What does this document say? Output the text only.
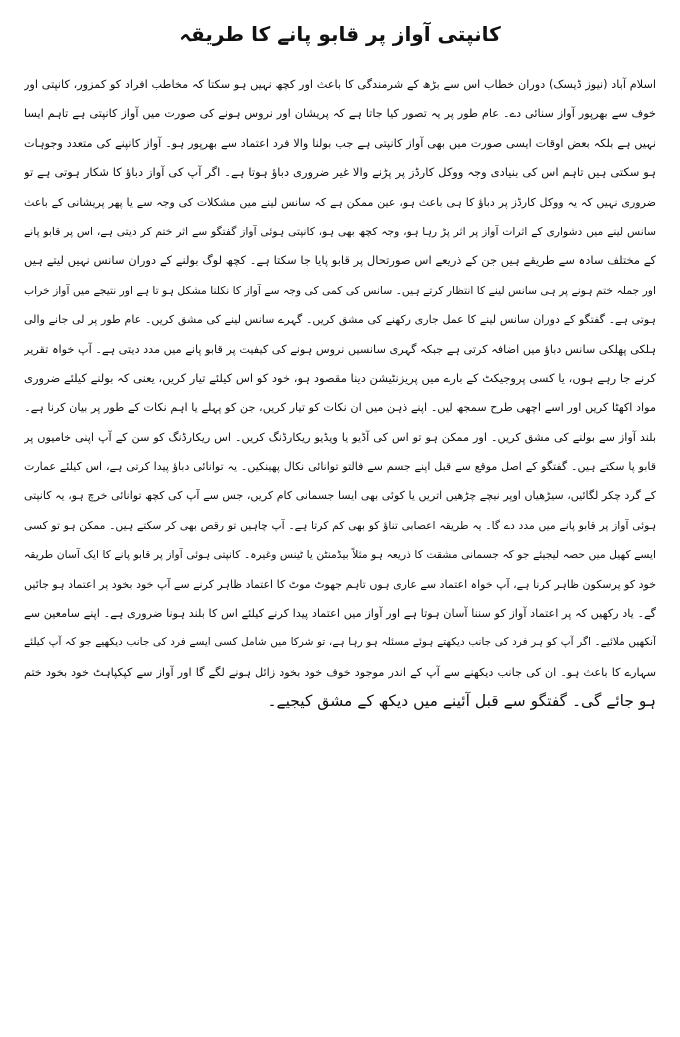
کانپتی آواز پر قابو پانے کا طریقہ
اسلام آباد (نیوز ڈیسک) دوران خطاب اس سے بڑھ کے شرمندگی کا باعث اور کچھ نہیں ہو سکتا کہ مخاطب افراد کو کمزور، کانپتی اور
خوف سے بھرپور آواز سنائی دے۔ عام طور پر یہ تصور کیا جاتا ہے کہ پریشان اور نروس ہونے کی صورت میں آواز کانپتی ہے تاہم ایسا
نہیں ہے بلکہ بعض اوقات ایسی صورت میں بھی آواز کانپتی ہے جب بولنا والا فرد اعتماد سے بھرپور ہو۔ آواز کانپنے کی متعدد وجوہات
ہو سکتی ہیں تاہم اس کی بنیادی وجہ ووکل کارڈز پر پڑنے والا غیر ضروری دباؤ ہوتا ہے۔ اگر آپ کی آواز دباؤ کا شکار ہوتی ہے تو
ضروری نہیں کہ یہ ووکل کارڈز پر دباؤ کا ہی باعث ہو، عین ممکن ہے کہ سانس لینے میں مشکلات کی وجہ سے یا پھر پریشانی کے باعث
سانس لینے میں دشواری کے اثرات آواز پر اثر پڑ رہا ہو، وجہ کچھ بھی ہو، کانپتی ہوئی آواز گفتگو سے اثر ختم کر دیتی ہے، اس پر قابو پانے
کے مختلف سادہ سے طریقے ہیں جن کے ذریعے اس صورتحال پر قابو پایا جا سکتا ہے۔ کچھ لوگ بولنے کے دوران سانس نہیں لیتے ہیں
اور جملہ ختم ہونے پر ہی سانس لینے کا انتظار کرتے ہیں۔ سانس کی کمی کی وجہ سے آواز کا نکلنا مشکل ہو تا ہے اور نتیجے میں آواز خراب
ہوتی ہے۔ گفتگو کے دوران سانس لینے کا عمل جاری رکھنے کی مشق کریں۔ گہرے سانس لینے کی مشق کریں۔ عام طور پر لی جانے والی
ہلکی پھلکی سانس دباؤ میں اضافہ کرتی ہے جبکہ گہری سانسیں نروس ہونے کی کیفیت پر قابو پانے میں مدد دیتی ہے۔ آپ خواہ تقریر
کرنے جا رہے ہوں، یا کسی پروجیکٹ کے بارے میں پریزنٹیشن دینا مقصود ہو، خود کو اس کیلئے تیار کریں، یعنی کہ بولنے کیلئے ضروری
مواد اکھٹا کریں اور اسے اچھی طرح سمجھ لیں۔ اپنے ذہن میں ان نکات کو تیار کریں، جن کو پہلے یا اہم نکات کے طور پر بیان کرنا ہے۔
بلند آواز سے بولنے کی مشق کریں۔ اور ممکن ہو تو اس کی آڈیو یا ویڈیو ریکارڈنگ کریں۔ اس ریکارڈنگ کو سن کے آپ اپنی خامیوں پر
قابو پا سکتے ہیں۔ گفتگو کے اصل موقع سے قبل اپنے جسم سے فالتو توانائی نکال پھینکیں۔ یہ توانائی دباؤ پیدا کرتی ہے، اس کیلئے عمارت
کے گرد چکر لگائیں، سیڑھیاں اوپر نیچے چڑھیں اتریں یا کوئی بھی ایسا جسمانی کام کریں، جس سے آپ کی کچھ توانائی خرچ ہو، یہ کانپتی
ہوئی آواز پر قابو پانے میں مدد دے گا۔ یہ طریقہ اعصابی تناؤ کو بھی کم کرتا ہے۔ آپ چاہیں تو رقص بھی کر سکتے ہیں۔ ممکن ہو تو کسی
ایسے کھیل میں حصہ لیجیئے جو کہ جسمانی مشقت کا ذریعہ ہو مثلاً بیڈمنٹن یا ٹینس وغیرہ۔ کانپتی ہوئی آواز پر قابو پانے کا ایک آسان طریقہ
خود کو پرسکون ظاہر کرنا ہے، آپ خواہ اعتماد سے عاری ہوں تاہم جھوٹ موٹ کا اعتماد ظاہر کرنے سے آپ خود بخود پر اعتماد ہو جائیں
گے۔ یاد رکھیں کہ پر اعتماد آواز کو سننا آسان ہوتا ہے اور آواز میں اعتماد پیدا کرنے کیلئے اس کا بلند ہونا ضروری ہے۔ اپنے سامعین سے
آنکھیں ملائیے۔ اگر آپ کو ہر فرد کی جانب دیکھتے ہوئے مسئلہ ہو رہا ہے، تو شرکا میں شامل کسی ایسے فرد کی جانب دیکھیے جو کہ آپ کیلئے
سہارے کا باعث ہو۔ ان کی جانب دیکھنے سے آپ کے اندر موجود خوف خود بخود زائل ہونے لگے گا اور آواز سے کپکپاہٹ خود بخود ختم
ہو جائے گی۔ گفتگو سے قبل آئینے میں دیکھ کے مشق کیجیے۔
